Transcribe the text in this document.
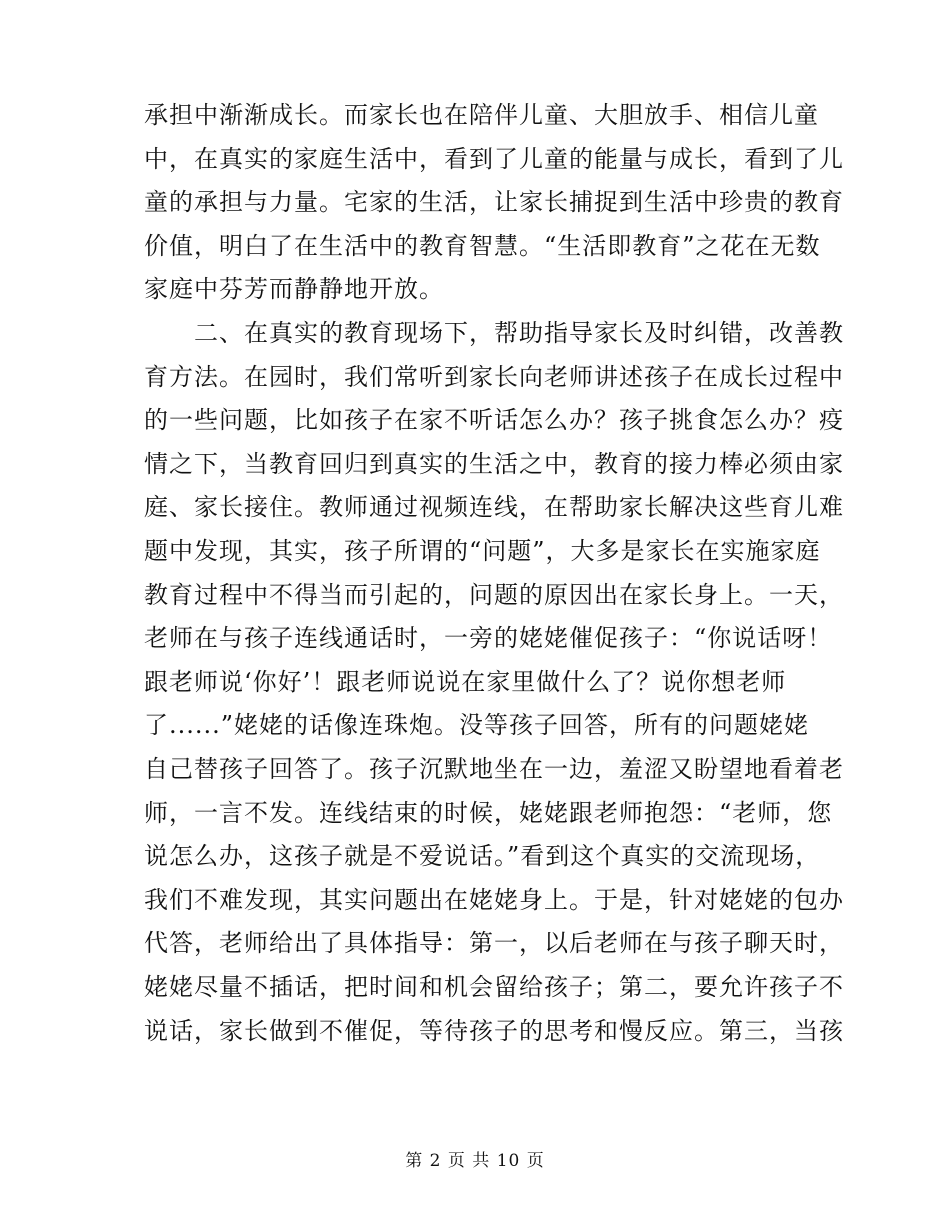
承担中渐渐成长。而家长也在陪伴儿童、大胆放手、相信儿童
中，在真实的家庭生活中，看到了儿童的能量与成长，看到了儿
童的承担与力量。宅家的生活，让家长捕捉到生活中珍贵的教育
价值，明白了在生活中的教育智慧。“生活即教育”之花在无数
家庭中芬芳而静静地开放。
　　二、在真实的教育现场下，帮助指导家长及时纠错，改善教
育方法。在园时，我们常听到家长向老师讲述孩子在成长过程中
的一些问题，比如孩子在家不听话怎么办？孩子挑食怎么办？疫
情之下，当教育回归到真实的生活之中，教育的接力棒必须由家
庭、家长接住。教师通过视频连线，在帮助家长解决这些育儿难
题中发现，其实，孩子所谓的“问题”，大多是家长在实施家庭
教育过程中不得当而引起的，问题的原因出在家长身上。一天，
老师在与孩子连线通话时，一旁的姥姥催促孩子：“你说话呀！
跟老师说‘你好’！跟老师说说在家里做什么了？说你想老师
了......”姥姥的话像连珠炮。没等孩子回答，所有的问题姥姥
自己替孩子回答了。孩子沉默地坐在一边，羞涩又盼望地看着老
师，一言不发。连线结束的时候，姥姥跟老师抱怨：“老师，您
说怎么办，这孩子就是不爱说话。”看到这个真实的交流现场，
我们不难发现，其实问题出在姥姥身上。于是，针对姥姥的包办
代答，老师给出了具体指导：第一，以后老师在与孩子聊天时，
姥姥尽量不插话，把时间和机会留给孩子；第二，要允许孩子不
说话，家长做到不催促，等待孩子的思考和慢反应。第三，当孩
第 2 页 共 10 页
